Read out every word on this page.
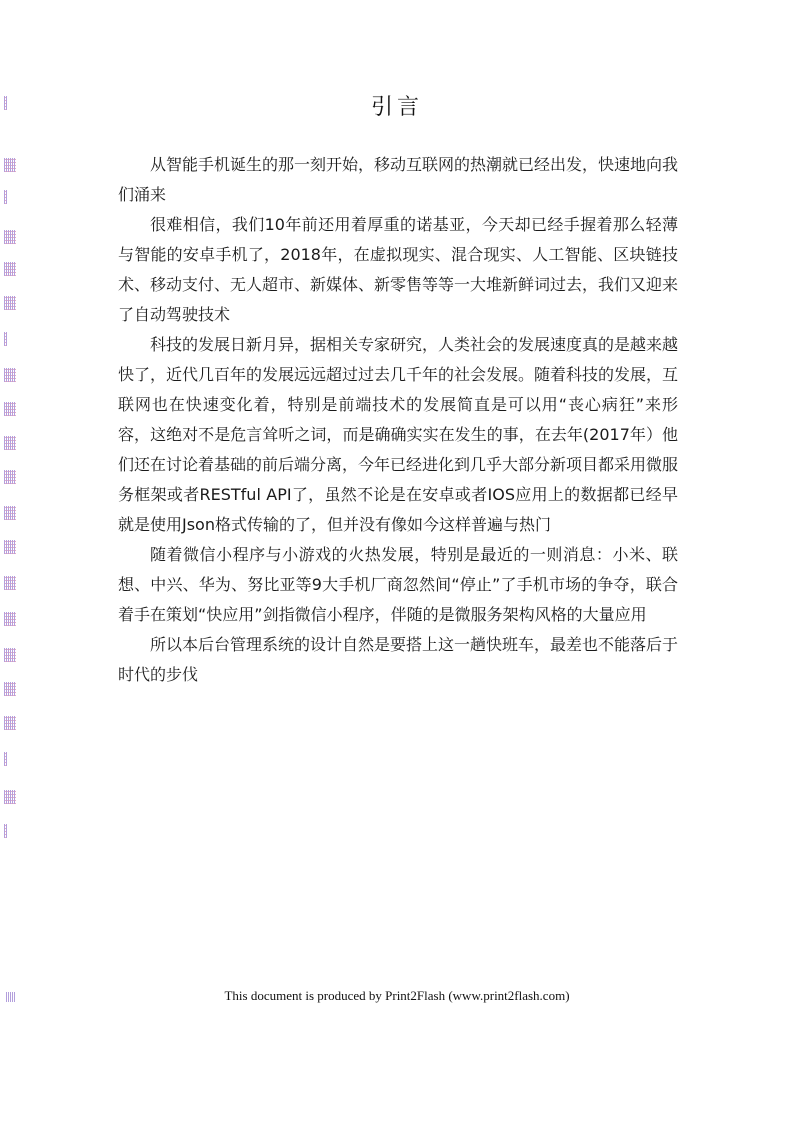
引言

从智能手机诞生的那一刻开始，移动互联网的热潮就已经出发，快速地向我们涌来

很难相信，我们10年前还用着厚重的诺基亚，今天却已经手握着那么轻薄与智能的安卓手机了，2018年，在虚拟现实、混合现实、人工智能、区块链技术、移动支付、无人超市、新媒体、新零售等等一大堆新鲜词过去，我们又迎来了自动驾驶技术

科技的发展日新月异，据相关专家研究，人类社会的发展速度真的是越来越快了，近代几百年的发展远远超过过去几千年的社会发展。随着科技的发展，互联网也在快速变化着，特别是前端技术的发展简直是可以用“丧心病狂”来形容，这绝对不是危言耸听之词，而是确确实实在发生的事，在去年(2017年）他们还在讨论着基础的前后端分离，今年已经进化到几乎大部分新项目都采用微服务框架或者RESTful API了，虽然不论是在安卓或者IOS应用上的数据都已经早就是使用Json格式传输的了，但并没有像如今这样普遍与热门

随着微信小程序与小游戏的火热发展，特别是最近的一则消息：小米、联想、中兴、华为、努比亚等9大手机厂商忽然间“停止”了手机市场的争夺，联合着手在策划“快应用”剑指微信小程序，伴随的是微服务架构风格的大量应用

所以本后台管理系统的设计自然是要搭上这一趟快班车，最差也不能落后于时代的步伐

This document is produced by Print2Flash (www.print2flash.com)
